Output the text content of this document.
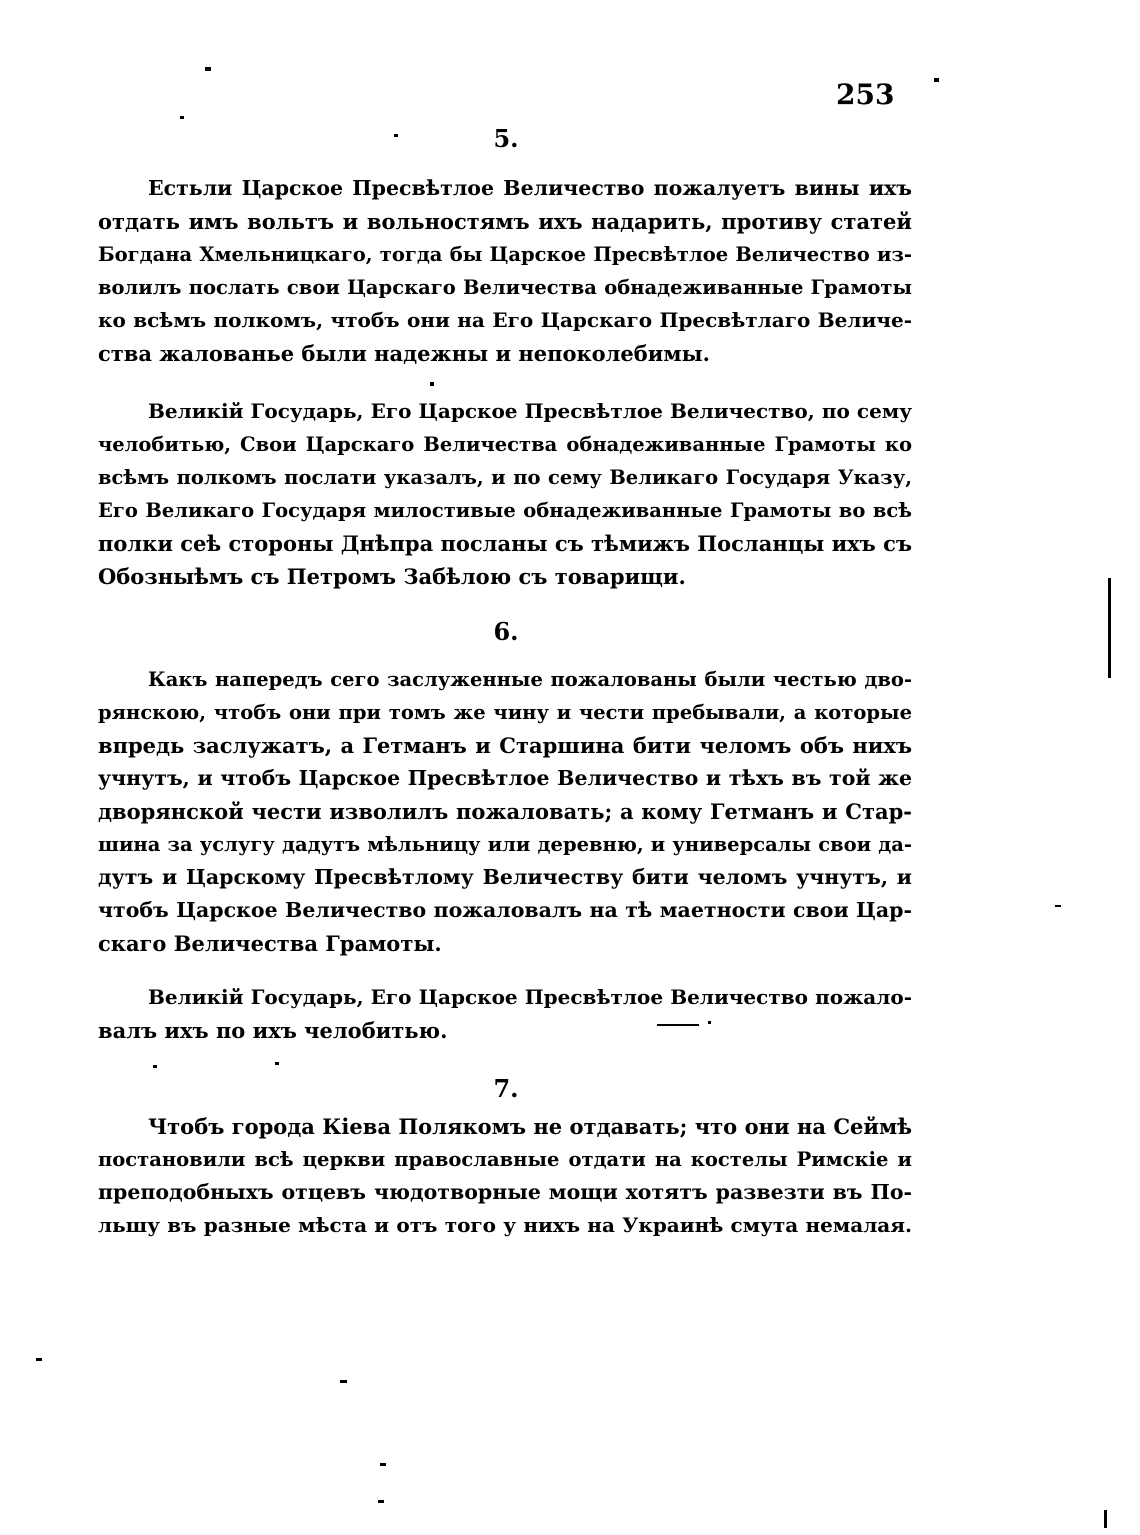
253
5.
Естьли Царское Пресвѣтлое Величество пожалуетъ вины ихъ
отдать имъ вольтъ и вольностямъ ихъ надарить, противу статей
Богдана Хмельницкаго, тогда бы Царское Пресвѣтлое Величество из-
волилъ послать свои Царскаго Величества обнадеживанные Грамоты
ко всѣмъ полкомъ, чтобъ они на Его Царскаго Пресвѣтлаго Величе-
ства жалованье были надежны и непоколебимы.
Великій Государь, Его Царское Пресвѣтлое Величество, по сему
челобитью, Свои Царскаго Величества обнадеживанные Грамоты ко
всѣмъ полкомъ послати указалъ, и по сему Великаго Государя Указу,
Его Великаго Государя милостивые обнадеживанные Грамоты во всѣ
полки сеѣ стороны Днѣпра посланы съ тѣмижъ Посланцы ихъ съ
Обозныѣмъ съ Петромъ Забѣлою съ товарищи.
6.
Какъ напередъ сего заслуженные пожалованы были честью дво-
рянскою, чтобъ они при томъ же чину и чести пребывали, а которые
впредь заслужатъ, а Гетманъ и Старшина бити челомъ объ нихъ
учнутъ, и чтобъ Царское Пресвѣтлое Величество и тѣхъ въ той же
дворянской чести изволилъ пожаловать; а кому Гетманъ и Стар-
шина за услугу дадутъ мѣльницу или деревню, и универсалы свои да-
дутъ и Царскому Пресвѣтлому Величеству бити челомъ учнутъ, и
чтобъ Царское Величество пожаловалъ на тѣ маетности свои Цар-
скаго Величества Грамоты.
Великій Государь, Его Царское Пресвѣтлое Величество пожало-
валъ ихъ по ихъ челобитью.
7.
Чтобъ города Кіева Полякомъ не отдавать; что они на Сеймѣ
постановили всѣ церкви православные отдати на костелы Римскіе и
преподобныхъ отцевъ чюдотворные мощи хотятъ развезти въ По-
льшу въ разные мѣста и отъ того у нихъ на Украинѣ смута немалая.
